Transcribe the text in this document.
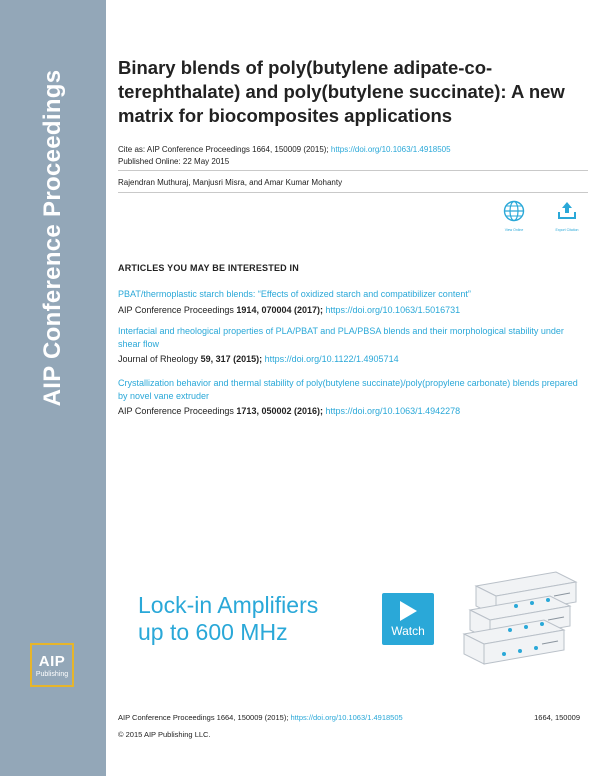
AIP Conference Proceedings
AIP
Publishing
Binary blends of poly(butylene adipate-co-terephthalate) and poly(butylene succinate): A new matrix for biocomposites applications
Cite as: AIP Conference Proceedings 1664, 150009 (2015); https://doi.org/10.1063/1.4918505
Published Online: 22 May 2015
Rajendran Muthuraj, Manjusri Misra, and Amar Kumar Mohanty
View Online	Export Citation
ARTICLES YOU MAY BE INTERESTED IN
PBAT/thermoplastic starch blends: “Effects of oxidized starch and compatibilizer content”
AIP Conference Proceedings 1914, 070004 (2017); https://doi.org/10.1063/1.5016731
Interfacial and rheological properties of PLA/PBAT and PLA/PBSA blends and their morphological stability under shear flow
Journal of Rheology 59, 317 (2015); https://doi.org/10.1122/1.4905714
Crystallization behavior and thermal stability of poly(butylene succinate)/poly(propylene carbonate) blends prepared by novel vane extruder
AIP Conference Proceedings 1713, 050002 (2016); https://doi.org/10.1063/1.4942278
Lock-in Amplifiers
up to 600 MHz	Watch
AIP Conference Proceedings 1664, 150009 (2015); https://doi.org/10.1063/1.4918505	1664, 150009
© 2015 AIP Publishing LLC.
